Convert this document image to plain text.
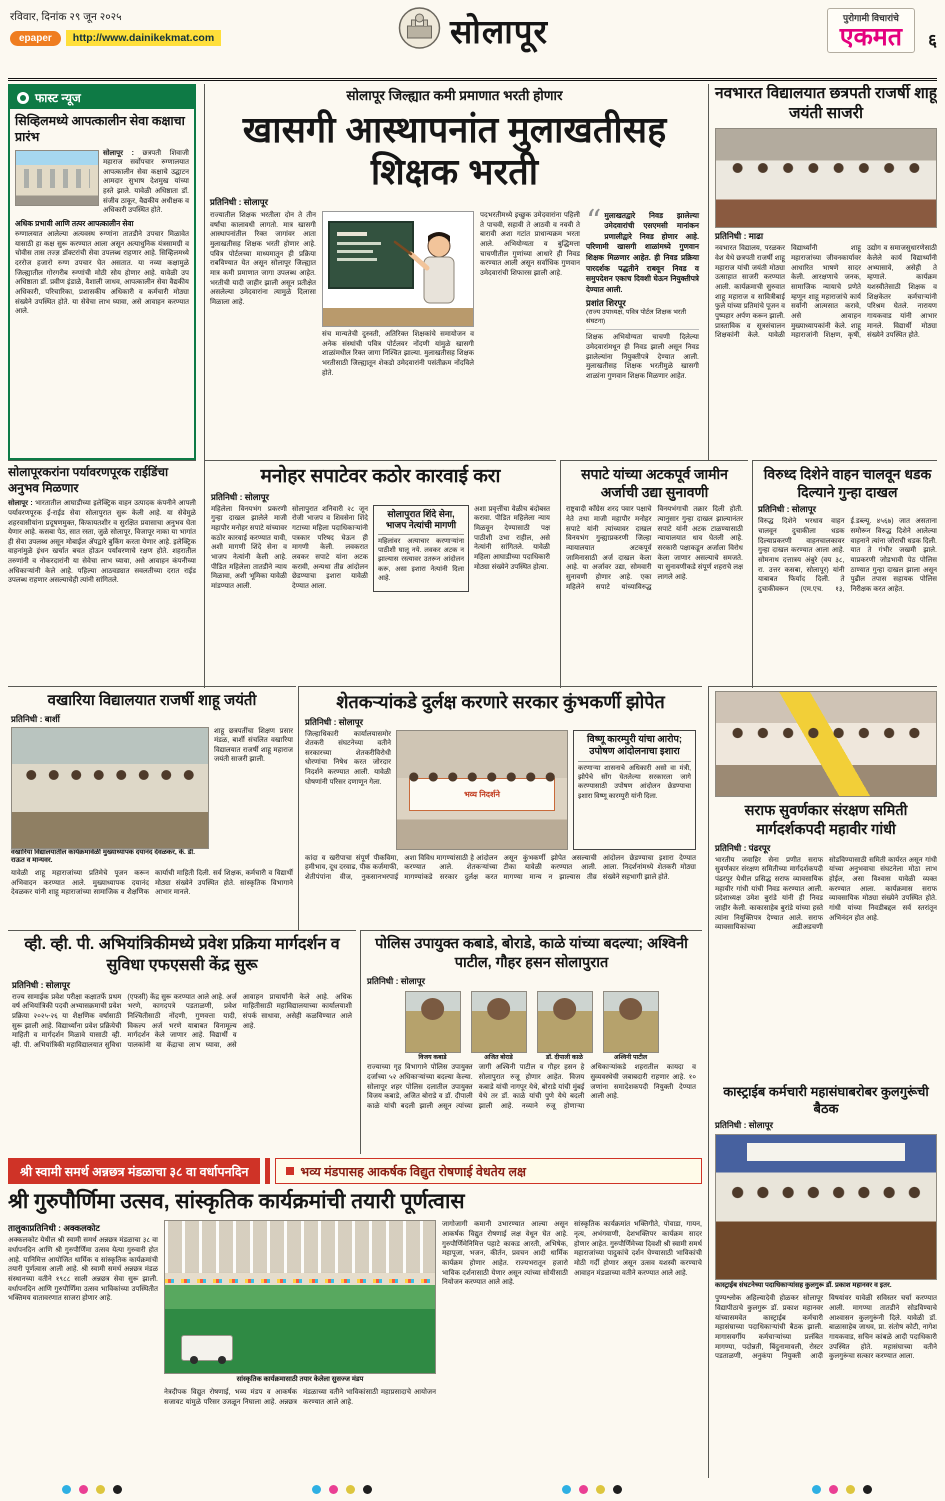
रविवार, दिनांक २९ जून २०२५
epaper	http://www.dainikekmat.com	सोलापूर	पुरोगामी विचारांचे
एकमत ६
फास्ट न्यूज
सिव्हिलमध्ये आपत्कालीन सेवा कक्षाचा प्रारंभ
सोलापूर : छत्रपती शिवाजी महाराज सर्वोपचार रुग्णालयात आपत्कालीन सेवा कक्षाचे उद्घाटन आमदार सुभाष देशमुख यांच्या हस्ते झाले. यावेळी अधिष्ठाता डॉ. संजीव ठाकूर, वैद्यकीय अधीक्षक व अधिकारी उपस्थित होते.
अधिक प्रभावी आणि तत्पर आपत्कालीन सेवा
रुग्णालयात आलेल्या अत्यवस्थ रुग्णांना तातडीने उपचार मिळावेत यासाठी हा कक्ष सुरू करण्यात आला असून अत्याधुनिक यंत्रसामग्री व चोवीस तास तज्ज्ञ डॉक्टरांची सेवा उपलब्ध राहणार आहे. सिव्हिलमध्ये दररोज हजारो रुग्ण उपचार घेत असतात. या नव्या कक्षामुळे जिल्ह्यातील गोरगरीब रुग्णांची मोठी सोय होणार आहे. यावेळी उप अधिष्ठाता डॉ. प्रवीण इंडाळे, वैशाली जाधव, आपत्कालीन सेवा वैद्यकीय अधिकारी, परिचारिका, प्रशासकीय अधिकारी व कर्मचारी मोठ्या संख्येने उपस्थित होते. या सेवेचा लाभ घ्यावा, असे आवाहन करण्यात आले.
सोलापूर जिल्ह्यात कमी प्रमाणात भरती होणार
खासगी आस्थापनांत मुलाखतीसह शिक्षक भरती
प्रतिनिधी : सोलापूर
राज्यातील शिक्षक भरतीला दोन ते तीन वर्षांचा कालावधी लागतो. मात्र खासगी आस्थापनांतील रिक्त जागांवर आता मुलाखतीसह शिक्षक भरती होणार आहे. पवित्र पोर्टलच्या माध्यमातून ही प्रक्रिया राबविण्यात येत असून सोलापूर जिल्ह्यात मात्र कमी प्रमाणात जागा उपलब्ध आहेत. भरतीची यादी जाहीर झाली असून प्रतीक्षेत असलेल्या उमेदवारांना त्यामुळे दिलासा मिळाला आहे.
संच मान्यतेची दुरुस्ती, अतिरिक्त शिक्षकांचे समायोजन व अनेक संस्थांची पवित्र पोर्टलवर नोंदणी यांमुळे खासगी शाळांमधील रिक्त जागा निश्चित झाल्या. मुलाखतीसह शिक्षक भरतीसाठी जिल्ह्यातून शेकडो उमेदवारांनी पसंतीक्रम नोंदविले होते.
पदभरतीमध्ये इच्छुक उमेदवारांना पहिली ते पाचवी, सहावी ते आठवी व नववी ते बारावी अशा गटांत प्राधान्यक्रम भरता आले. अभियोग्यता व बुद्धिमत्ता चाचणीतील गुणांच्या आधारे ही निवड करण्यात आली असून सर्वाधिक गुणवान उमेदवारांची शिफारस झाली आहे.
“ मुलाखतद्वारे निवड झालेल्या उमेदवारांची एसएमसी मानांकन प्रणालीद्वारे निवड होणार आहे. परिणामी खासगी शाळांमध्ये गुणवान शिक्षक मिळणार आहेत. ही निवड प्रक्रिया पारदर्शक पद्धतीने राबवून निवड व समुपदेशन एकाच दिवशी घेऊन नियुक्तीपत्रे देण्यात आली.
प्रशांत शिरपूर
(राज्य उपाध्यक्ष, पवित्र पोर्टल शिक्षक भरती संघटना)
शिक्षक अभियोग्यता चाचणी दिलेल्या उमेदवारांमधून ही निवड झाली असून निवड झालेल्यांना नियुक्तीपत्रे देण्यात आली. मुलाखतीसह शिक्षक भरतीमुळे खासगी शाळांना गुणवान शिक्षक मिळणार आहेत.
नवभारत विद्यालयात छत्रपती राजर्षी शाहू जयंती साजरी
प्रतिनिधी : माढा
नवभारत विद्यालय, परळकर वेश येथे छत्रपती राजर्षी शाहू महाराज यांची जयंती मोठ्या उत्साहात साजरी करण्यात आली. कार्यक्रमाची सुरुवात शाहू महाराज व सावित्रीबाई फुले यांच्या प्रतिमांचे पूजन व पुष्पहार अर्पण करून झाली. प्रास्ताविक व सूत्रसंचालन शिक्षकांनी केले. यावेळी विद्यार्थ्यांनी शाहू महाराजांच्या जीवनकार्यावर आधारित भाषणे सादर केली. आरक्षणाचे जनक, सामाजिक न्यायाचे प्रणेते म्हणून शाहू महाराजांचे कार्य सर्वांनी आत्मसात करावे, असे आवाहन मुख्याध्यापकांनी केले. शाहू महाराजांनी शिक्षण, कृषी, उद्योग व समाजसुधारणेसाठी केलेले कार्य विद्यार्थ्यांनी अभ्यासावे, असेही ते म्हणाले. कार्यक्रम यशस्वीतेसाठी शिक्षक व शिक्षकेतर कर्मचाऱ्यांनी परिश्रम घेतले. नारायण गायकवाड यांनी आभार मानले. विद्यार्थी मोठ्या संख्येने उपस्थित होते.
सोलापूरकरांना पर्यावरणपूरक राईडिंचा अनुभव मिळणार
सोलापूर : भारतातील आघाडीच्या इलेक्ट्रिक वाहन उत्पादक कंपनीने आपली पर्यावरणपूरक ई-राईड सेवा सोलापुरात सुरू केली आहे. या सेवेमुळे शहरवासीयांना प्रदूषणमुक्त, किफायतशीर व सुरक्षित प्रवासाचा अनुभव घेता येणार आहे. कसबा पेठ, सात रस्ता, जुळे सोलापूर, विजापूर नाका या भागांत ही सेवा उपलब्ध असून मोबाईल अ‍ॅपद्वारे बुकिंग करता येणार आहे. इलेक्ट्रिक वाहनांमुळे इंधन खर्चात बचत होऊन पर्यावरणाचे रक्षण होते. शहरातील तरुणांनी व नोकरदारांनी या सेवेचा लाभ घ्यावा, असे आवाहन कंपनीच्या अधिकाऱ्यांनी केले आहे. पहिल्या आठवड्यात सवलतीच्या दरात राईड उपलब्ध राहणार असल्याचेही त्यांनी सांगितले.
मनोहर सपाटेवर कठोर कारवाई करा
प्रतिनिधी : सोलापूर
महिलेला विनयभंग प्रकरणी गुन्हा दाखल झालेले माजी महापौर मनोहर सपाटे यांच्यावर कठोर कारवाई करण्यात यावी, अशी मागणी शिंदे सेना व भाजप नेत्यांनी केली आहे. पीडित महिलेला तातडीने न्याय मिळावा, अशी भूमिका यावेळी मांडण्यात आली.
सोलापुरात शनिवारी २८ जून रोजी भाजप व शिवसेना शिंदे गटाच्या महिला पदाधिकाऱ्यांनी पत्रकार परिषद घेऊन ही मागणी केली. लवकरात लवकर सपाटे यांना अटक करावी, अन्यथा तीव्र आंदोलन छेडण्याचा इशारा यावेळी देण्यात आला.
सोलापुरात शिंदे सेना, भाजप नेत्यांची मागणी
महिलांवर अत्याचार करणाऱ्यांना पाठीशी घालू नये. लवकर अटक न झाल्यास रस्त्यावर उतरून आंदोलन करू, असा इशारा नेत्यांनी दिला आहे.
अशा प्रवृत्तींचा वेळीच बंदोबस्त करावा. पीडित महिलेला न्याय मिळवून देण्यासाठी पक्ष पाठीशी उभा राहील, असे नेत्यांनी सांगितले. यावेळी महिला आघाडीच्या पदाधिकारी मोठ्या संख्येने उपस्थित होत्या.
सपाटे यांच्या अटकपूर्व जामीन अर्जाची उद्या सुनावणी
राष्ट्रवादी काँग्रेस शरद पवार पक्षाचे नेते तथा माजी महापौर मनोहर सपाटे यांनी त्यांच्यावर दाखल विनयभंग गुन्ह्याप्रकरणी जिल्हा न्यायालयात अटकपूर्व जामिनासाठी अर्ज दाखल केला आहे. या अर्जावर उद्या, सोमवारी सुनावणी होणार आहे. एका महिलेने सपाटे यांच्याविरुद्ध विनयभंगाची तक्रार दिली होती. त्यानुसार गुन्हा दाखल झाल्यानंतर सपाटे यांनी अटक टाळण्यासाठी न्यायालयात धाव घेतली आहे. सरकारी पक्षाकडून अर्जाला विरोध केला जाणार असल्याचे समजते. या सुनावणीकडे संपूर्ण शहराचे लक्ष लागले आहे.
विरुध्द दिशेने वाहन चालवून धडक दिल्याने गुन्हा दाखल
प्रतिनिधी : सोलापूर
विरुद्ध दिशेने भरधाव वाहन चालवून दुचाकीला धडक दिल्याप्रकरणी वाहनचालकावर गुन्हा दाखल करण्यात आला आहे. सोमनाथ दत्तात्रय अंबुरे (वय ३८, रा. उत्तर कसबा, सोलापूर) यांनी याबाबत फिर्याद दिली. ते दुचाकीवरून (एम.एच. १३, ई.डब्ल्यू. ४५६७) जात असताना समोरून विरुद्ध दिशेने आलेल्या वाहनाने त्यांना जोराची धडक दिली. यात ते गंभीर जखमी झाले. याप्रकरणी जोडभावी पेठ पोलिस ठाण्यात गुन्हा दाखल झाला असून पुढील तपास सहायक पोलिस निरीक्षक करत आहेत.
वखारिया विद्यालयात राजर्षी शाहू जयंती
प्रतिनिधी : बार्शी
वखारिया विद्यालयातील कार्यक्रमावेळी मुख्याध्यापक दयानंद देवळकर, के. डी. राऊत व मान्यवर.
शाहू छत्रपतींचा शिक्षण प्रसार मंडळ, बार्शी संचलित वखारिया विद्यालयात राजर्षी शाहू महाराज जयंती साजरी झाली.
यावेळी शाहू महाराजांच्या प्रतिमेचे पूजन करून अभिवादन करण्यात आले. मुख्याध्यापक दयानंद देवळकर यांनी शाहू महाराजांच्या सामाजिक व शैक्षणिक कार्याची माहिती दिली. सर्व शिक्षक, कर्मचारी व विद्यार्थी मोठ्या संख्येने उपस्थित होते. सांस्कृतिक विभागाने आभार मानले.
शेतकऱ्यांकडे दुर्लक्ष करणारे सरकार कुंभकर्णी झोपेत
प्रतिनिधी : सोलापूर
जिल्हाधिकारी कार्यालयासमोर शेतकरी संघटनेच्या वतीने सरकारच्या शेतकरीविरोधी धोरणांचा निषेध करत जोरदार निदर्शने करण्यात आली. यावेळी घोषणांनी परिसर दणाणून गेला.
भव्य निदर्शने
विष्णू कारम्पुरी यांचा आरोप; उपोषण आंदोलनाचा इशारा
करणाऱ्या शासनाचे अधिकारी असो वा मंत्री, झोपेचे सोंग घेतलेल्या सरकारला जागे करण्यासाठी उपोषण आंदोलन छेडण्याचा इशारा विष्णू कारम्पुरी यांनी दिला.
कांदा व खरीपाचा संपूर्ण पीकविमा, हमीभाव, दूध दरवाढ, पीक कर्जमाफी, शेतीपंपांना वीज, नुकसानभरपाई अशा विविध मागण्यांसाठी हे आंदोलन करण्यात आले. शेतकऱ्यांच्या मागण्यांकडे सरकार दुर्लक्ष करत असून कुंभकर्णी झोपेत असल्याची टीका यावेळी करण्यात आली. मागण्या मान्य न झाल्यास तीव्र आंदोलन छेडण्याचा इशारा देण्यात आला. निदर्शनांमध्ये शेतकरी मोठ्या संख्येने सहभागी झाले होते.
सराफ सुवर्णकार संरक्षण समिती मार्गदर्शकपदी महावीर गांधी
प्रतिनिधी : पंढरपूर
भारतीय जवाहिर सेना प्रणीत सराफ सुवर्णकार संरक्षण समितीच्या मार्गदर्शकपदी पंढरपूर येथील प्रसिद्ध सराफ व्यावसायिक महावीर गांधी यांची निवड करण्यात आली. प्रदेशाध्यक्ष उमेश बुरांडे यांनी ही निवड जाहीर केली. काकासाहेब बुरांडे यांच्या हस्ते त्यांना नियुक्तिपत्र देण्यात आले. सराफ व्यावसायिकांच्या अडीअडचणी सोडविण्यासाठी समिती कार्यरत असून गांधी यांच्या अनुभवाचा संघटनेला मोठा लाभ होईल, असा विश्वास यावेळी व्यक्त करण्यात आला. कार्यक्रमास सराफ व्यावसायिक मोठ्या संख्येने उपस्थित होते. गांधी यांच्या निवडीबद्दल सर्व स्तरांतून अभिनंदन होत आहे.
कास्ट्राईब कर्मचारी महासंघाबरोबर कुलगुरूंची बैठक
प्रतिनिधी : सोलापूर
कास्ट्राईब संघटनेच्या पदाधिकाऱ्यांसह कुलगुरू डॉ. प्रकाश महानवर व इतर.
पुण्यश्लोक अहिल्यादेवी होळकर सोलापूर विद्यापीठाचे कुलगुरू डॉ. प्रकाश महानवर यांच्यासमवेत कास्ट्राईब कर्मचारी महासंघाच्या पदाधिकाऱ्यांची बैठक झाली. मागासवर्गीय कर्मचाऱ्यांच्या प्रलंबित मागण्या, पदोन्नती, बिंदुनामावली, रोस्टर पडताळणी, अनुकंपा नियुक्ती आदी विषयांवर यावेळी सविस्तर चर्चा करण्यात आली. मागण्या तातडीने सोडविण्याचे आश्वासन कुलगुरूंनी दिले. यावेळी डॉ. बाळासाहेब जाधव, प्रा. संतोष कोटी, नागेश गायकवाड, सचिन कांबळे आदी पदाधिकारी उपस्थित होते. महासंघाच्या वतीने कुलगुरूंचा सत्कार करण्यात आला.
व्ही. व्ही. पी. अभियांत्रिकीमध्ये प्रवेश प्रक्रिया मार्गदर्शन व सुविधा एफएससी केंद्र सुरू
प्रतिनिधी : सोलापूर
राज्य सामाईक प्रवेश परीक्षा कक्षातर्फे प्रथम वर्ष अभियांत्रिकी पदवी अभ्यासक्रमाची प्रवेश प्रक्रिया २०२५-२६ या शैक्षणिक वर्षासाठी सुरू झाली आहे. विद्यार्थ्यांना प्रवेश प्रक्रियेची माहिती व मार्गदर्शन मिळावे यासाठी व्ही. व्ही. पी. अभियांत्रिकी महाविद्यालयात सुविधा (एफसी) केंद्र सुरू करण्यात आले आहे. अर्ज भरणे, कागदपत्रे पडताळणी, प्रवेश निश्चितीसाठी नोंदणी, गुणवत्ता यादी, विकल्प अर्ज भरणे याबाबत विनामूल्य मार्गदर्शन केले जाणार आहे. विद्यार्थी व पालकांनी या केंद्राचा लाभ घ्यावा, असे आवाहन प्राचार्यांनी केले आहे. अधिक माहितीसाठी महाविद्यालयाच्या कार्यालयाशी संपर्क साधावा, असेही कळविण्यात आले आहे.
पोलिस उपायुक्त कबाडे, बोराडे, काळे यांच्या बदल्या; अश्विनी पाटील, गौहर हसन सोलापुरात
प्रतिनिधी : सोलापूर
विजय कबाडे	अजित बोराडे	डॉ. दीपाली काळे	अश्विनी पाटील
राज्याच्या गृह विभागाने पोलिस उपायुक्त दर्जाच्या ५२ अधिकाऱ्यांच्या बदल्या केल्या. सोलापूर शहर पोलिस दलातील उपायुक्त विजय कबाडे, अजित बोराडे व डॉ. दीपाली काळे यांची बदली झाली असून त्यांच्या जागी अश्विनी पाटील व गौहर हसन हे सोलापुरात रुजू होणार आहेत. विजय कबाडे यांची नागपूर येथे, बोराडे यांची मुंबई येथे तर डॉ. काळे यांची पुणे येथे बदली झाली आहे. नव्याने रुजू होणाऱ्या अधिकाऱ्यांकडे शहरातील कायदा व सुव्यवस्थेची जबाबदारी राहणार आहे. १० जणांना समादेशकपदी नियुक्ती देण्यात आली आहे.
श्री स्वामी समर्थ अन्नछत्र मंडळाचा ३८ वा वर्धापनदिन	भव्य मंडपासह आकर्षक विद्युत रोषणाई वेधतेय लक्ष
श्री गुरुपौर्णिमा उत्सव, सांस्कृतिक कार्यक्रमांची तयारी पूर्णत्वास
तालुकाप्रतिनिधी : अक्कलकोट
अक्कलकोट येथील श्री स्वामी समर्थ अन्नछत्र मंडळाचा ३८ वा वर्धापनदिन आणि श्री गुरुपौर्णिमा उत्सव येत्या गुरुवारी होत आहे. यानिमित्त आयोजित धार्मिक व सांस्कृतिक कार्यक्रमांची तयारी पूर्णत्वास आली आहे. श्री स्वामी समर्थ अन्नछत्र मंडळ संस्थानच्या वतीने १९८८ साली अन्नछत्र सेवा सुरू झाली. वर्धापनदिन आणि गुरुपौर्णिमा उत्सव भाविकांच्या उपस्थितीत भक्तिमय वातावरणात साजरा होणार आहे.
सांस्कृतिक कार्यक्रमासाठी तयार केलेला सुसज्ज मंडप
नेत्रदीपक विद्युत रोषणाई, भव्य मंडप व आकर्षक सजावट यांमुळे परिसर उजळून निघाला आहे. अन्नछत्र मंडळाच्या वतीने भाविकांसाठी महाप्रसादाचे आयोजन करण्यात आले आहे.
जागोजागी कमानी उभारण्यात आल्या असून आकर्षक विद्युत रोषणाई लक्ष वेधून घेत आहे. गुरुपौर्णिमेनिमित्त पहाटे काकड आरती, अभिषेक, महापूजा, भजन, कीर्तन, प्रवचन आदी धार्मिक कार्यक्रम होणार आहेत. राज्यभरातून हजारो भाविक दर्शनासाठी येणार असून त्यांच्या सोयीसाठी नियोजन करण्यात आले आहे.
सांस्कृतिक कार्यक्रमांत भक्तिगीते, पोवाडा, गायन, नृत्य, अभंगवाणी, देशभक्तिपर कार्यक्रम सादर होणार आहेत. गुरुपौर्णिमेच्या दिवशी श्री स्वामी समर्थ महाराजांच्या पादुकांचे दर्शन घेण्यासाठी भाविकांची मोठी गर्दी होणार असून उत्सव यशस्वी करण्याचे आवाहन मंडळाच्या वतीने करण्यात आले आहे.
